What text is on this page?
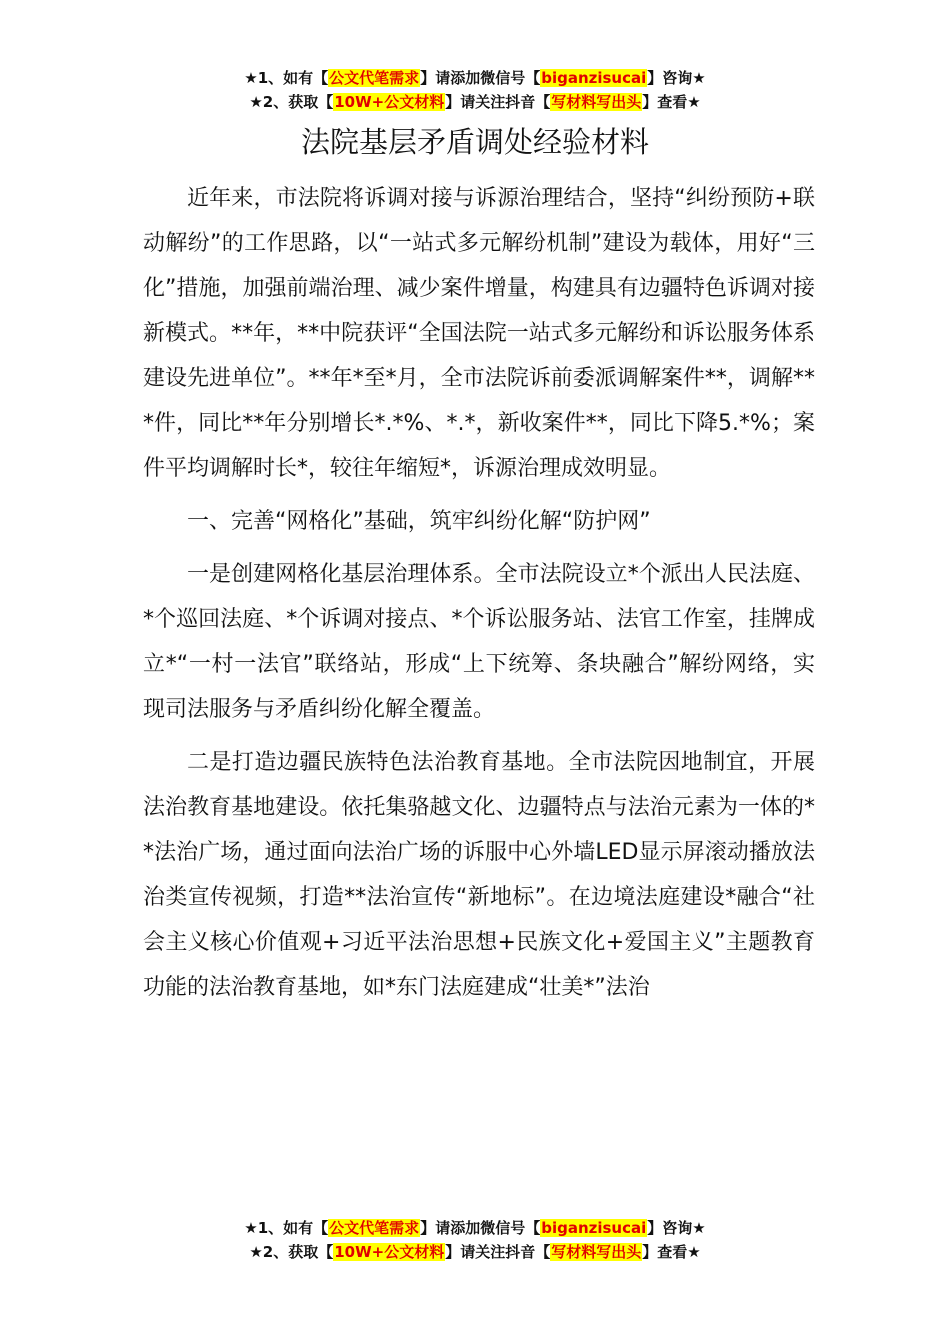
★1、如有【公文代笔需求】请添加微信号【biganzisucai】咨询★
★2、获取【10W+公文材料】请关注抖音【写材料写出头】查看★
法院基层矛盾调处经验材料

近年来，市法院将诉调对接与诉源治理结合，坚持“纠纷预防+联动解纷”的工作思路，以“一站式多元解纷机制”建设为载体，用好“三化”措施，加强前端治理、减少案件增量，构建具有边疆特色诉调对接新模式。**年，**中院获评“全国法院一站式多元解纷和诉讼服务体系建设先进单位”。**年*至*月，全市法院诉前委派调解案件**，调解***件，同比**年分别增长*.*%、*.*，新收案件**，同比下降5.*%；案件平均调解时长*，较往年缩短*，诉源治理成效明显。

一、完善“网格化”基础，筑牢纠纷化解“防护网”

一是创建网格化基层治理体系。全市法院设立*个派出人民法庭、*个巡回法庭、*个诉调对接点、*个诉讼服务站、法官工作室，挂牌成立*“一村一法官”联络站，形成“上下统筹、条块融合”解纷网络，实现司法服务与矛盾纠纷化解全覆盖。

二是打造边疆民族特色法治教育基地。全市法院因地制宜，开展法治教育基地建设。依托集骆越文化、边疆特点与法治元素为一体的**法治广场，通过面向法治广场的诉服中心外墙LED显示屏滚动播放法治类宣传视频，打造**法治宣传“新地标”。在边境法庭建设*融合“社会主义核心价值观+习近平法治思想+民族文化+爱国主义”主题教育功能的法治教育基地，如*东门法庭建成“壮美*”法治

★1、如有【公文代笔需求】请添加微信号【biganzisucai】咨询★
★2、获取【10W+公文材料】请关注抖音【写材料写出头】查看★
